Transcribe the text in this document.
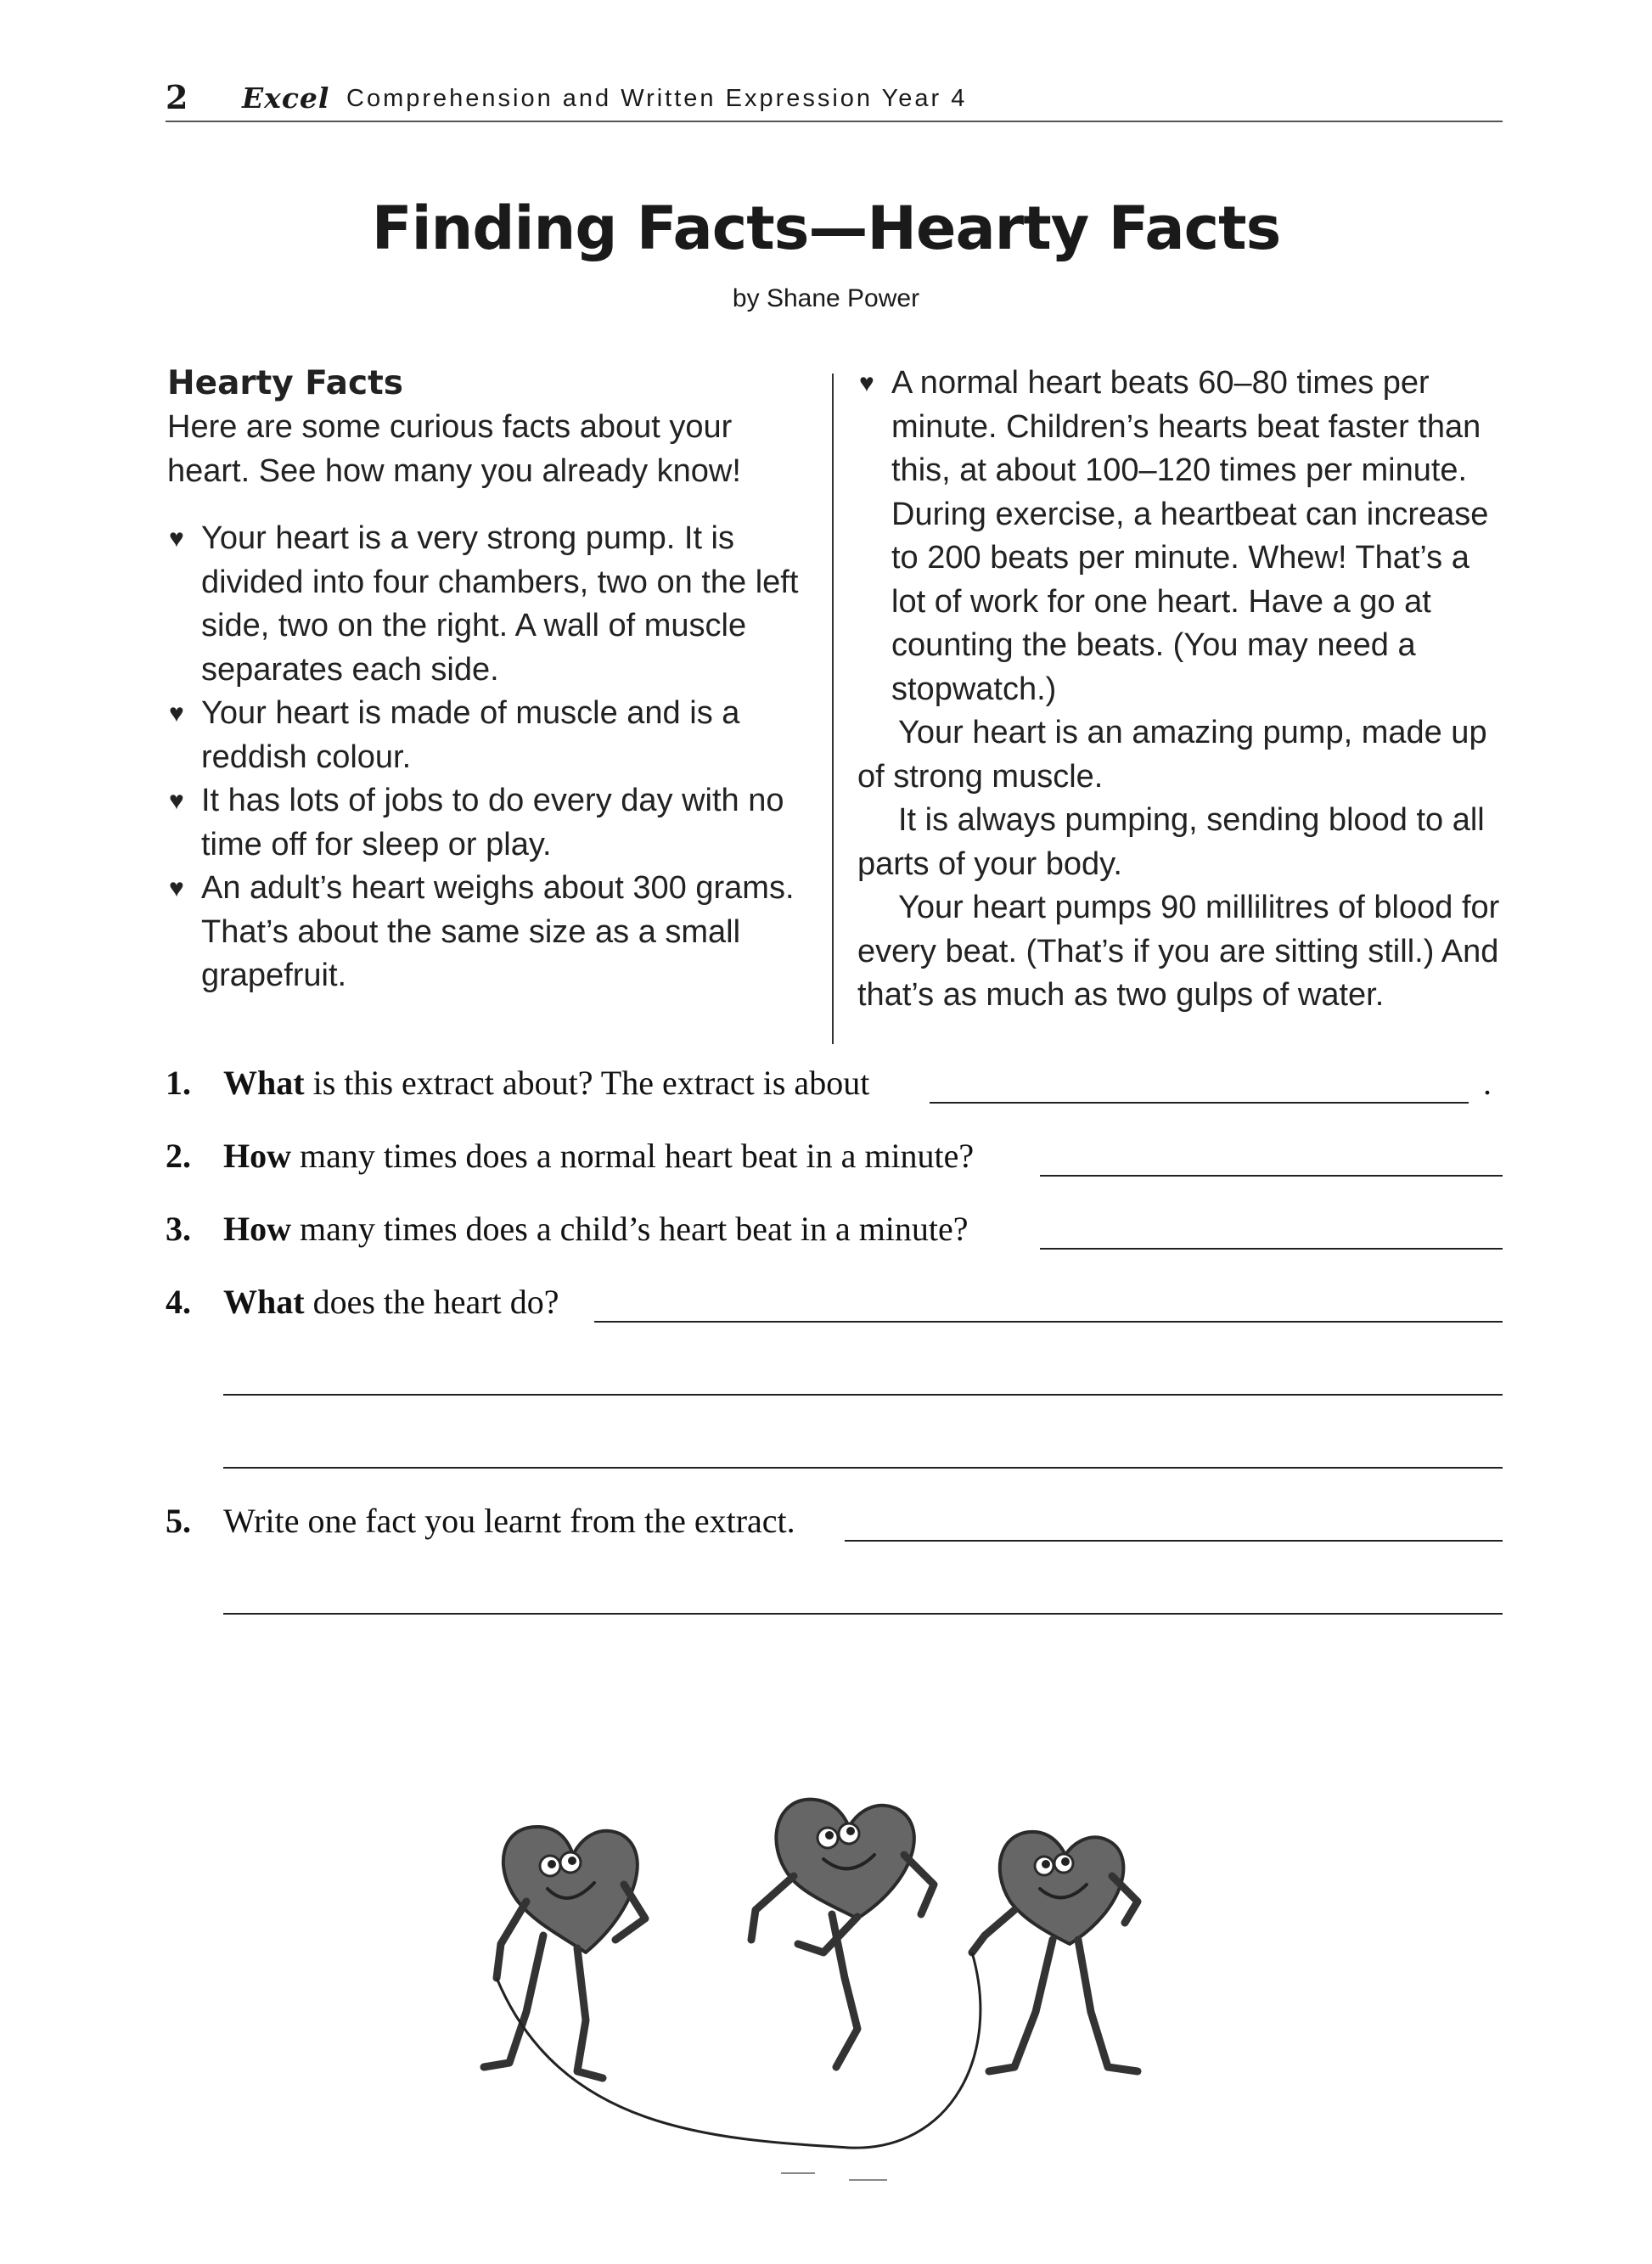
2 Excel Comprehension and Written Expression Year 4
Finding Facts—Hearty Facts
by Shane Power
Hearty Facts
Here are some curious facts about your heart. See how many you already know!
♥ Your heart is a very strong pump. It is divided into four chambers, two on the left side, two on the right. A wall of muscle separates each side.
♥ Your heart is made of muscle and is a reddish colour.
♥ It has lots of jobs to do every day with no time off for sleep or play.
♥ An adult’s heart weighs about 300 grams. That’s about the same size as a small grapefruit.
♥ A normal heart beats 60–80 times per minute. Children’s hearts beat faster than this, at about 100–120 times per minute. During exercise, a heartbeat can increase to 200 beats per minute. Whew! That’s a lot of work for one heart. Have a go at counting the beats. (You may need a stopwatch.)
Your heart is an amazing pump, made up of strong muscle.
It is always pumping, sending blood to all parts of your body.
Your heart pumps 90 millilitres of blood for every beat. (That’s if you are sitting still.) And that’s as much as two gulps of water.
1. What is this extract about? The extract is about	.
2. How many times does a normal heart beat in a minute?
3. How many times does a child’s heart beat in a minute?
4. What does the heart do?
5. Write one fact you learnt from the extract.
